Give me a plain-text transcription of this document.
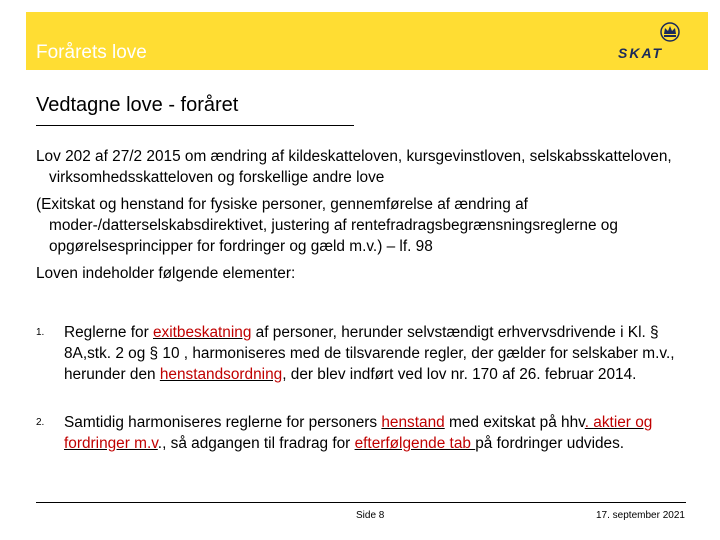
Forårets love	SKAT
Vedtagne love - foråret
Lov 202 af 27/2 2015 om ændring af kildeskatteloven, kursgevinstloven, selskabsskatteloven, virksomhedsskatteloven og forskellige andre love
(Exitskat og henstand for fysiske personer, gennemførelse af ændring af moder-/datterselskabsdirektivet, justering af rentefradragsbegrænsningsreglerne og opgørelsesprincipper for fordringer og gæld m.v.) – lf. 98
Loven indeholder følgende elementer:
1. Reglerne for exitbeskatning af personer, herunder selvstændigt erhvervsdrivende i Kl. § 8A,stk. 2 og § 10 , harmoniseres med de tilsvarende regler, der gælder for selskaber m.v., herunder den henstandsordning, der blev indført ved lov nr. 170 af 26. februar 2014.
2. Samtidig harmoniseres reglerne for personers henstand med exitskat på hhv. aktier og fordringer m.v., så adgangen til fradrag for efterfølgende tab på fordringer udvides.
Side 8	17. september 2021
